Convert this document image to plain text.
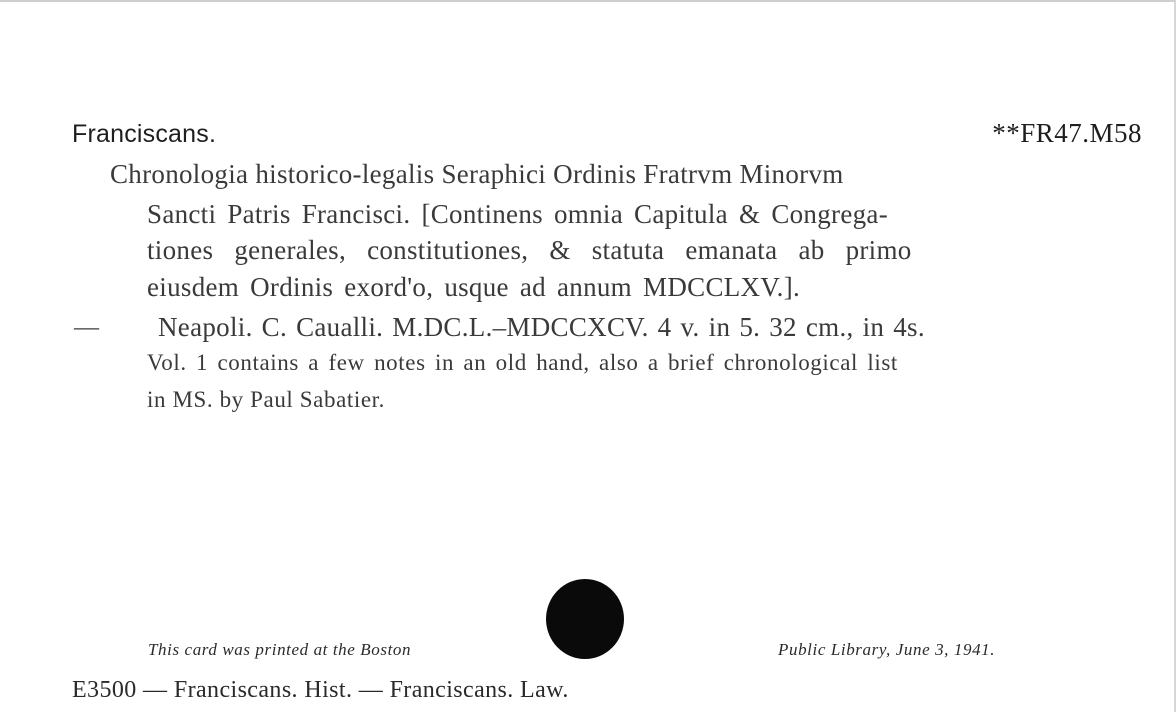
Franciscans.	**FR47.M58
Chronologia historico-legalis Seraphici Ordinis Fratrvm Minorvm
Sancti Patris Francisci. [Continens omnia Capitula & Congrega-
tiones generales, constitutiones, & statuta emanata ab primo
eiusdem Ordinis exord'o, usque ad annum MDCCLXV.].
— Neapoli. C. Caualli. M.DC.L.–MDCCXCV. 4 v. in 5. 32 cm., in 4s.
Vol. 1 contains a few notes in an old hand, also a brief chronological list
in MS. by Paul Sabatier.
This card was printed at the Boston	Public Library, June 3, 1941.
E3500 — Franciscans. Hist. — Franciscans. Law.
